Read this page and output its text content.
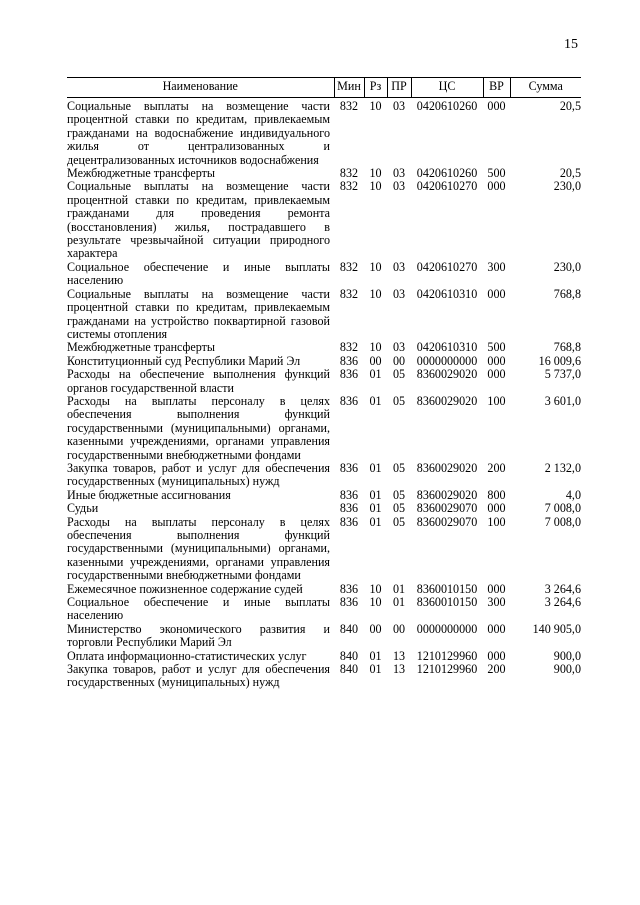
15
Наименование	Мин	Рз	ПР	ЦС	ВР	Сумма
Социальные выплаты на возмещение части процентной ставки по кредитам, привлекаемым гражданами на водоснабжение индивидуального жилья от централизованных и децентрализованных источников водоснабжения	832	10	03	0420610260	000	20,5
Межбюджетные трансферты	832	10	03	0420610260	500	20,5
Социальные выплаты на возмещение части процентной ставки по кредитам, привлекаемым гражданами для проведения ремонта (восстановления) жилья, пострадавшего в результате чрезвычайной ситуации природного характера	832	10	03	0420610270	000	230,0
Социальное обеспечение и иные выплаты населению	832	10	03	0420610270	300	230,0
Социальные выплаты на возмещение части процентной ставки по кредитам, привлекаемым гражданами на устройство поквартирной газовой системы отопления	832	10	03	0420610310	000	768,8
Межбюджетные трансферты	832	10	03	0420610310	500	768,8
Конституционный суд Республики Марий Эл	836	00	00	0000000000	000	16 009,6
Расходы на обеспечение выполнения функций органов государственной власти	836	01	05	8360029020	000	5 737,0
Расходы на выплаты персоналу в целях обеспечения выполнения функций государственными (муниципальными) органами, казенными учреждениями, органами управления государственными внебюджетными фондами	836	01	05	8360029020	100	3 601,0
Закупка товаров, работ и услуг для обеспечения государственных (муниципальных) нужд	836	01	05	8360029020	200	2 132,0
Иные бюджетные ассигнования	836	01	05	8360029020	800	4,0
Судьи	836	01	05	8360029070	000	7 008,0
Расходы на выплаты персоналу в целях обеспечения выполнения функций государственными (муниципальными) органами, казенными учреждениями, органами управления государственными внебюджетными фондами	836	01	05	8360029070	100	7 008,0
Ежемесячное пожизненное содержание судей	836	10	01	8360010150	000	3 264,6
Социальное обеспечение и иные выплаты населению	836	10	01	8360010150	300	3 264,6
Министерство экономического развития и торговли Республики Марий Эл	840	00	00	0000000000	000	140 905,0
Оплата информационно-статистических услуг	840	01	13	1210129960	000	900,0
Закупка товаров, работ и услуг для обеспечения государственных (муниципальных) нужд	840	01	13	1210129960	200	900,0
